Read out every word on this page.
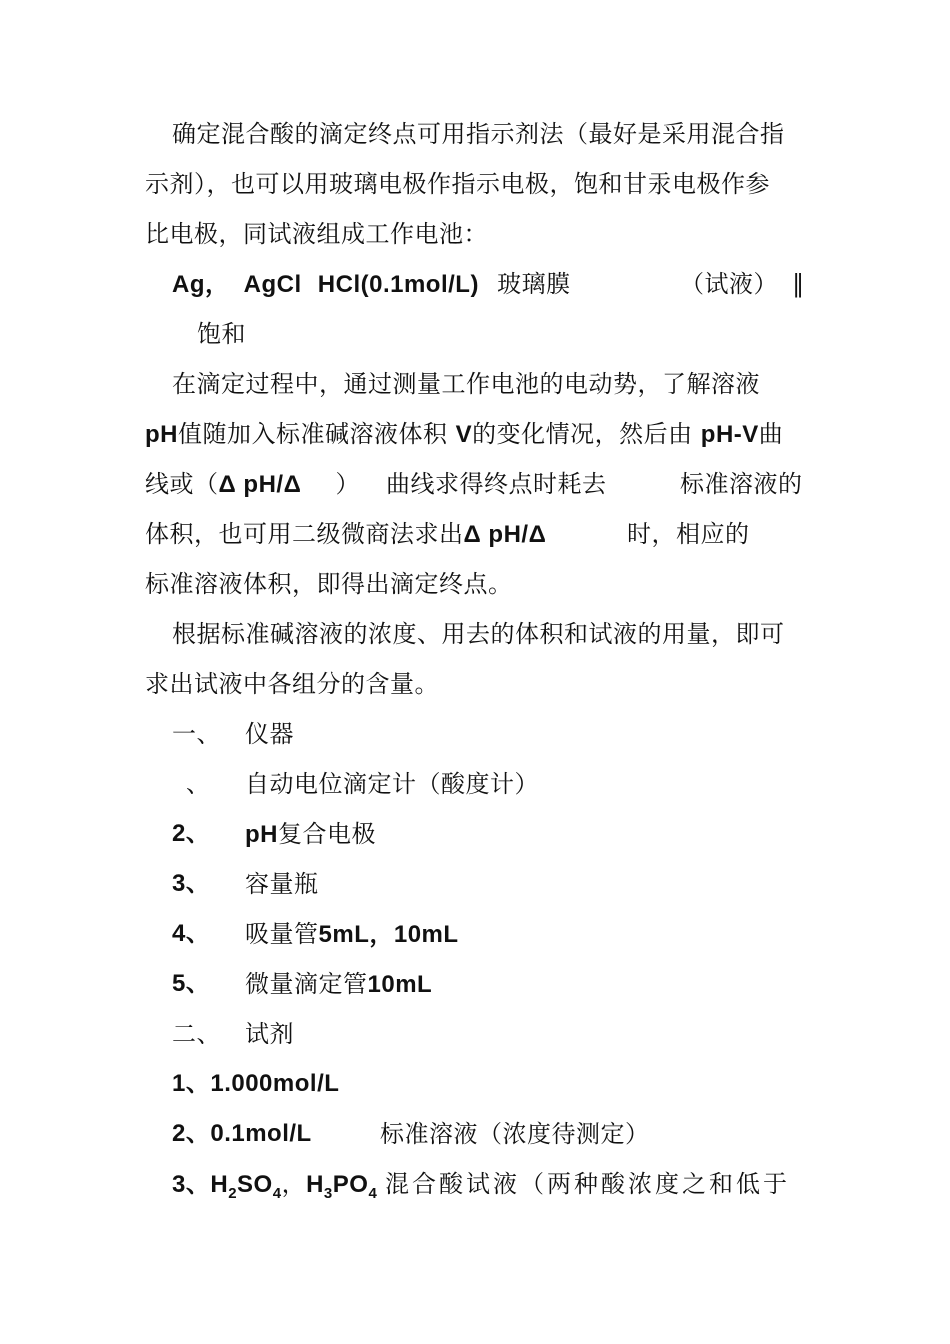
确定混合酸的滴定终点可用指示剂法（最好是采用混合指
示剂），也可以用玻璃电极作指示电极，饱和甘汞电极作参
比电极，同试液组成工作电池：
Ag， AgCl HCl(0.1mol/L) 玻璃膜	（试液） ‖
饱和
在滴定过程中，通过测量工作电池的电动势，了解溶液
pH值随加入标准碱溶液体积 V的变化情况，然后由 pH-V曲
线或（Δ pH/Δ ） 曲线求得终点时耗去	标准溶液的
体积，也可用二级微商法求出Δ pH/Δ	时，相应的
标准溶液体积，即得出滴定终点。
根据标准碱溶液的浓度、用去的体积和试液的用量，即可
求出试液中各组分的含量。
一、 仪器
、 自动电位滴定计（酸度计）
2、 pH复合电极
3、 容量瓶
4、 吸量管5mL，10mL
5、 微量滴定管10mL
二、 试剂
1、1.000mol/L
2、0.1mol/L	标准溶液（浓度待测定）
3、$H_2SO_4$，$H_3PO_4$ 混合酸试液（两种酸浓度之和低于
